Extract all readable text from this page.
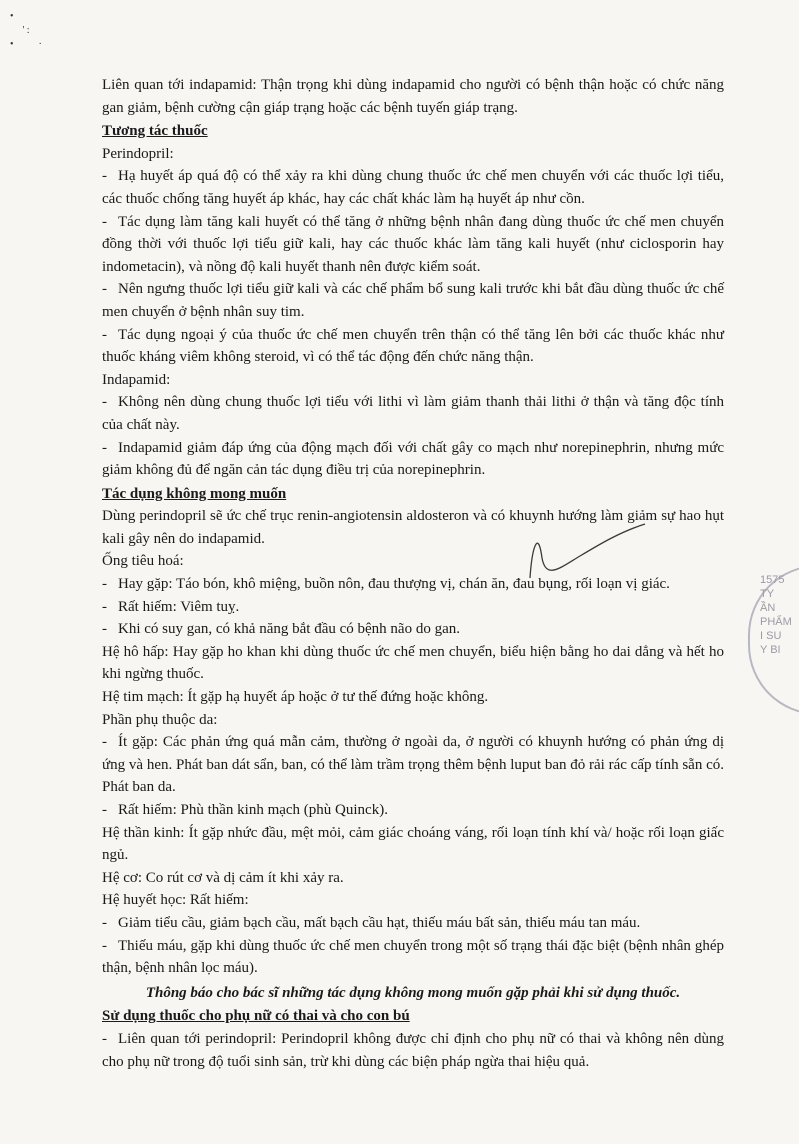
•
' :
•          ·
Liên quan tới indapamid: Thận trọng khi dùng indapamid cho người có bệnh thận hoặc có chức năng gan giảm, bệnh cường cận giáp trạng hoặc các bệnh tuyến giáp trạng.
Tương tác thuốc
Perindopril:
- Hạ huyết áp quá độ có thể xảy ra khi dùng chung thuốc ức chế men chuyển với các thuốc lợi tiểu, các thuốc chống tăng huyết áp khác, hay các chất khác làm hạ huyết áp như cồn.
- Tác dụng làm tăng kali huyết có thể tăng ở những bệnh nhân đang dùng thuốc ức chế men chuyển đồng thời với thuốc lợi tiểu giữ kali, hay các thuốc khác làm tăng kali huyết (như ciclosporin hay indometacin), và nồng độ kali huyết thanh nên được kiểm soát.
- Nên ngưng thuốc lợi tiểu giữ kali và các chế phẩm bổ sung kali trước khi bắt đầu dùng thuốc ức chế men chuyển ở bệnh nhân suy tim.
- Tác dụng ngoại ý của thuốc ức chế men chuyển trên thận có thể tăng lên bởi các thuốc khác như thuốc kháng viêm không steroid, vì có thể tác động đến chức năng thận.
Indapamid:
- Không nên dùng chung thuốc lợi tiểu với lithi vì làm giảm thanh thải lithi ở thận và tăng độc tính của chất này.
- Indapamid giảm đáp ứng của động mạch đối với chất gây co mạch như norepinephrin, nhưng mức giảm không đủ để ngăn cản tác dụng điều trị của norepinephrin.
Tác dụng không mong muốn
Dùng perindopril sẽ ức chế trục renin-angiotensin aldosteron và có khuynh hướng làm giảm sự hao hụt kali gây nên do indapamid.
Ống tiêu hoá:
- Hay gặp: Táo bón, khô miệng, buồn nôn, đau thượng vị, chán ăn, đau bụng, rối loạn vị giác.
- Rất hiếm: Viêm tuỵ.
- Khi có suy gan, có khả năng bắt đầu có bệnh não do gan.
Hệ hô hấp: Hay gặp ho khan khi dùng thuốc ức chế men chuyển, biểu hiện bằng ho dai dẳng và hết ho khi ngừng thuốc.
Hệ tim mạch: Ít gặp hạ huyết áp hoặc ở tư thế đứng hoặc không.
Phần phụ thuộc da:
- Ít gặp: Các phản ứng quá mẫn cảm, thường ở ngoài da, ở người có khuynh hướng có phản ứng dị ứng và hen. Phát ban dát sẩn, ban, có thể làm trầm trọng thêm bệnh luput ban đỏ rải rác cấp tính sẵn có. Phát ban da.
- Rất hiếm: Phù thần kinh mạch (phù Quinck).
Hệ thần kinh: Ít gặp nhức đầu, mệt mỏi, cảm giác choáng váng, rối loạn tính khí và/ hoặc rối loạn giấc ngủ.
Hệ cơ: Co rút cơ và dị cảm ít khi xảy ra.
Hệ huyết học: Rất hiếm:
- Giảm tiểu cầu, giảm bạch cầu, mất bạch cầu hạt, thiếu máu bất sản, thiếu máu tan máu.
- Thiếu máu, gặp khi dùng thuốc ức chế men chuyển trong một số trạng thái đặc biệt (bệnh nhân ghép thận, bệnh nhân lọc máu).
Thông báo cho bác sĩ những tác dụng không mong muốn gặp phải khi sử dụng thuốc.
Sử dụng thuốc cho phụ nữ có thai và cho con bú
- Liên quan tới perindopril: Perindopril không được chỉ định cho phụ nữ có thai và không nên dùng cho phụ nữ trong độ tuổi sinh sản, trừ khi dùng các biện pháp ngừa thai hiệu quả.
1575
TY
ẦN
PHẨM
I SU
Y BI
